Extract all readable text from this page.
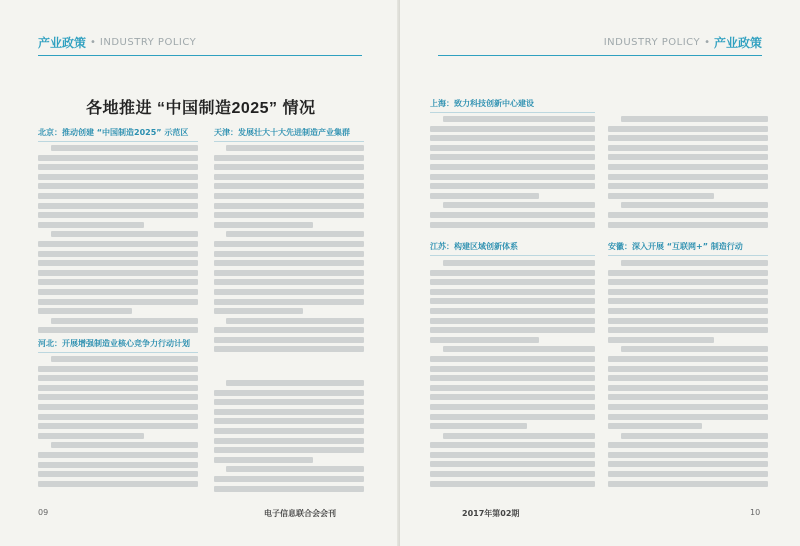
产业政策 • INDUSTRY POLICY
各地推进 “中国制造2025” 情况
北京：推动创建 “中国制造2025” 示范区
河北：开展增强制造业核心竞争力行动计划
天津：发展壮大十大先进制造产业集群
09	电子信息联合会会刊
INDUSTRY POLICY • 产业政策
上海：致力科技创新中心建设
江苏：构建区域创新体系	安徽：深入开展 “互联网+” 制造行动
2017年第02期	10
